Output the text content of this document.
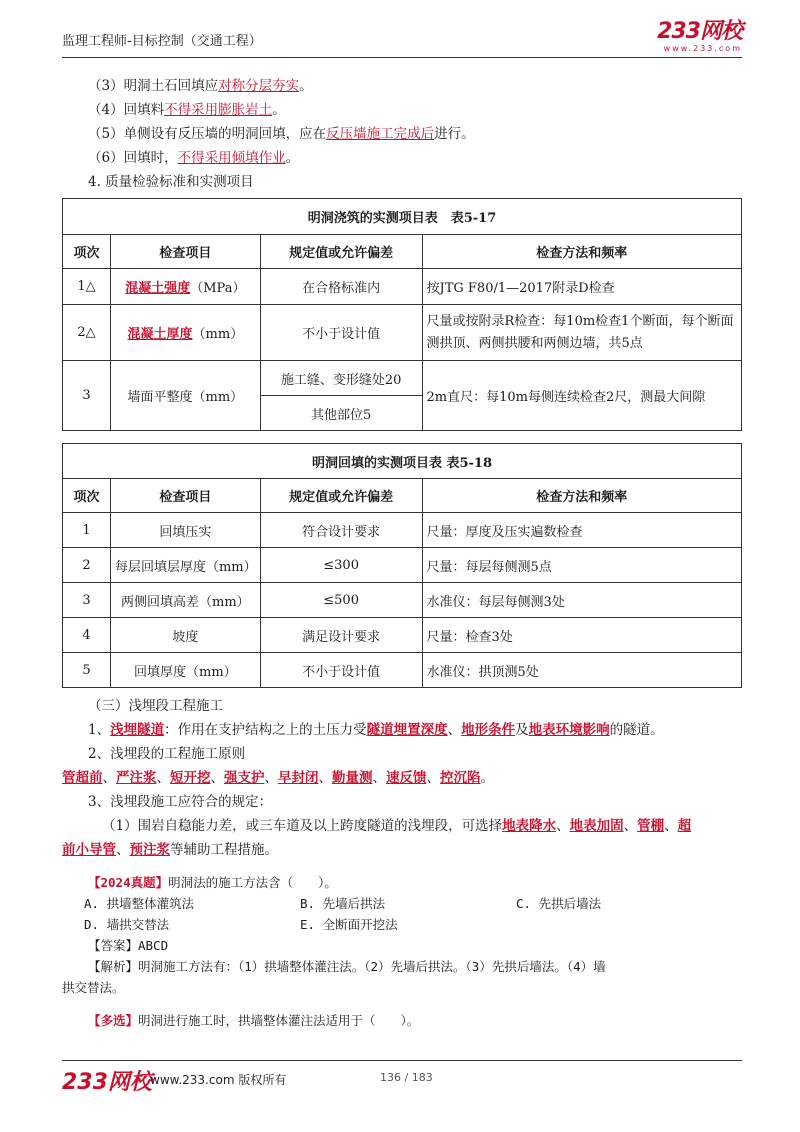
监理工程师-目标控制（交通工程）	233网校
www.233.com
（3）明洞土石回填应对称分层夯实。
（4）回填料不得采用膨胀岩土。
（5）单侧设有反压墙的明洞回填，应在反压墙施工完成后进行。
（6）回填时，不得采用倾填作业。
4. 质量检验标准和实测项目
明洞浇筑的实测项目表　表5-17			
项次	检查项目	规定值或允许偏差	检查方法和频率
1△	混凝土强度（MPa）	在合格标准内	按JTG F80/1—2017附录D检查
2△	混凝土厚度（mm）	不小于设计值	尺量或按附录R检查：每10m检查1个断面，每个断面测拱顶、两侧拱腰和两侧边墙，共5点
3	墙面平整度（mm）	施工缝、变形缝处20	2m直尺：每10m每侧连续检查2尺，测最大间隙
		其他部位5	
明洞回填的实测项目表 表5-18			
项次	检查项目	规定值或允许偏差	检查方法和频率
1	回填压实	符合设计要求	尺量：厚度及压实遍数检查
2	每层回填层厚度（mm）	≤300	尺量：每层每侧测5点
3	两侧回填高差（mm）	≤500	水准仪：每层每侧测3处
4	坡度	满足设计要求	尺量：检查3处
5	回填厚度（mm）	不小于设计值	水准仪：拱顶测5处
（三）浅埋段工程施工
1、浅埋隧道：作用在支护结构之上的土压力受隧道埋置深度、地形条件及地表环境影响的隧道。
2、浅埋段的工程施工原则
管超前、严注浆、短开挖、强支护、早封闭、勤量测、速反馈、控沉陷。
3、浅埋段施工应符合的规定：
（1）围岩自稳能力差，或三车道及以上跨度隧道的浅埋段，可选择地表降水、地表加固、管棚、超
前小导管、预注浆等辅助工程措施。
【2024真题】明洞法的施工方法含（　　）。
A. 拱墙整体灌筑法	B. 先墙后拱法	C. 先拱后墙法
D. 墙拱交替法	E. 全断面开挖法
【答案】ABCD
【解析】明洞施工方法有：（1）拱墙整体灌注法。（2）先墙后拱法。（3）先拱后墙法。（4）墙
拱交替法。
【多选】明洞进行施工时，拱墙整体灌注法适用于（　　）。
233网校
www.233.com 版权所有	136 / 183
